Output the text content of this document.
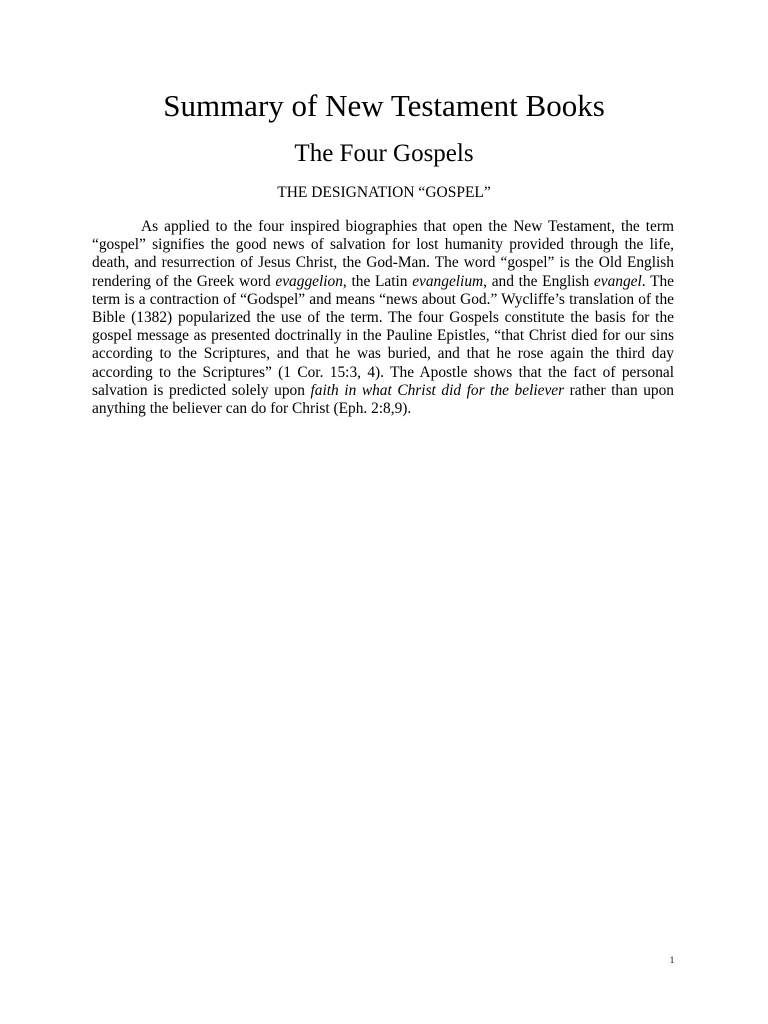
Summary of New Testament Books
The Four Gospels
THE DESIGNATION “GOSPEL”

As applied to the four inspired biographies that open the New Testament, the term “gospel” signifies the good news of salvation for lost humanity provided through the life, death, and resurrection of Jesus Christ, the God-Man. The word “gospel” is the Old English rendering of the Greek word evaggelion, the Latin evangelium, and the English evangel. The term is a contraction of “Godspel” and means “news about God.” Wycliffe’s translation of the Bible (1382) popularized the use of the term. The four Gospels constitute the basis for the gospel message as presented doctrinally in the Pauline Epistles, “that Christ died for our sins according to the Scriptures, and that he was buried, and that he rose again the third day according to the Scriptures” (1 Cor. 15:3, 4). The Apostle shows that the fact of personal salvation is predicted solely upon faith in what Christ did for the believer rather than upon anything the believer can do for Christ (Eph. 2:8,9).

1
